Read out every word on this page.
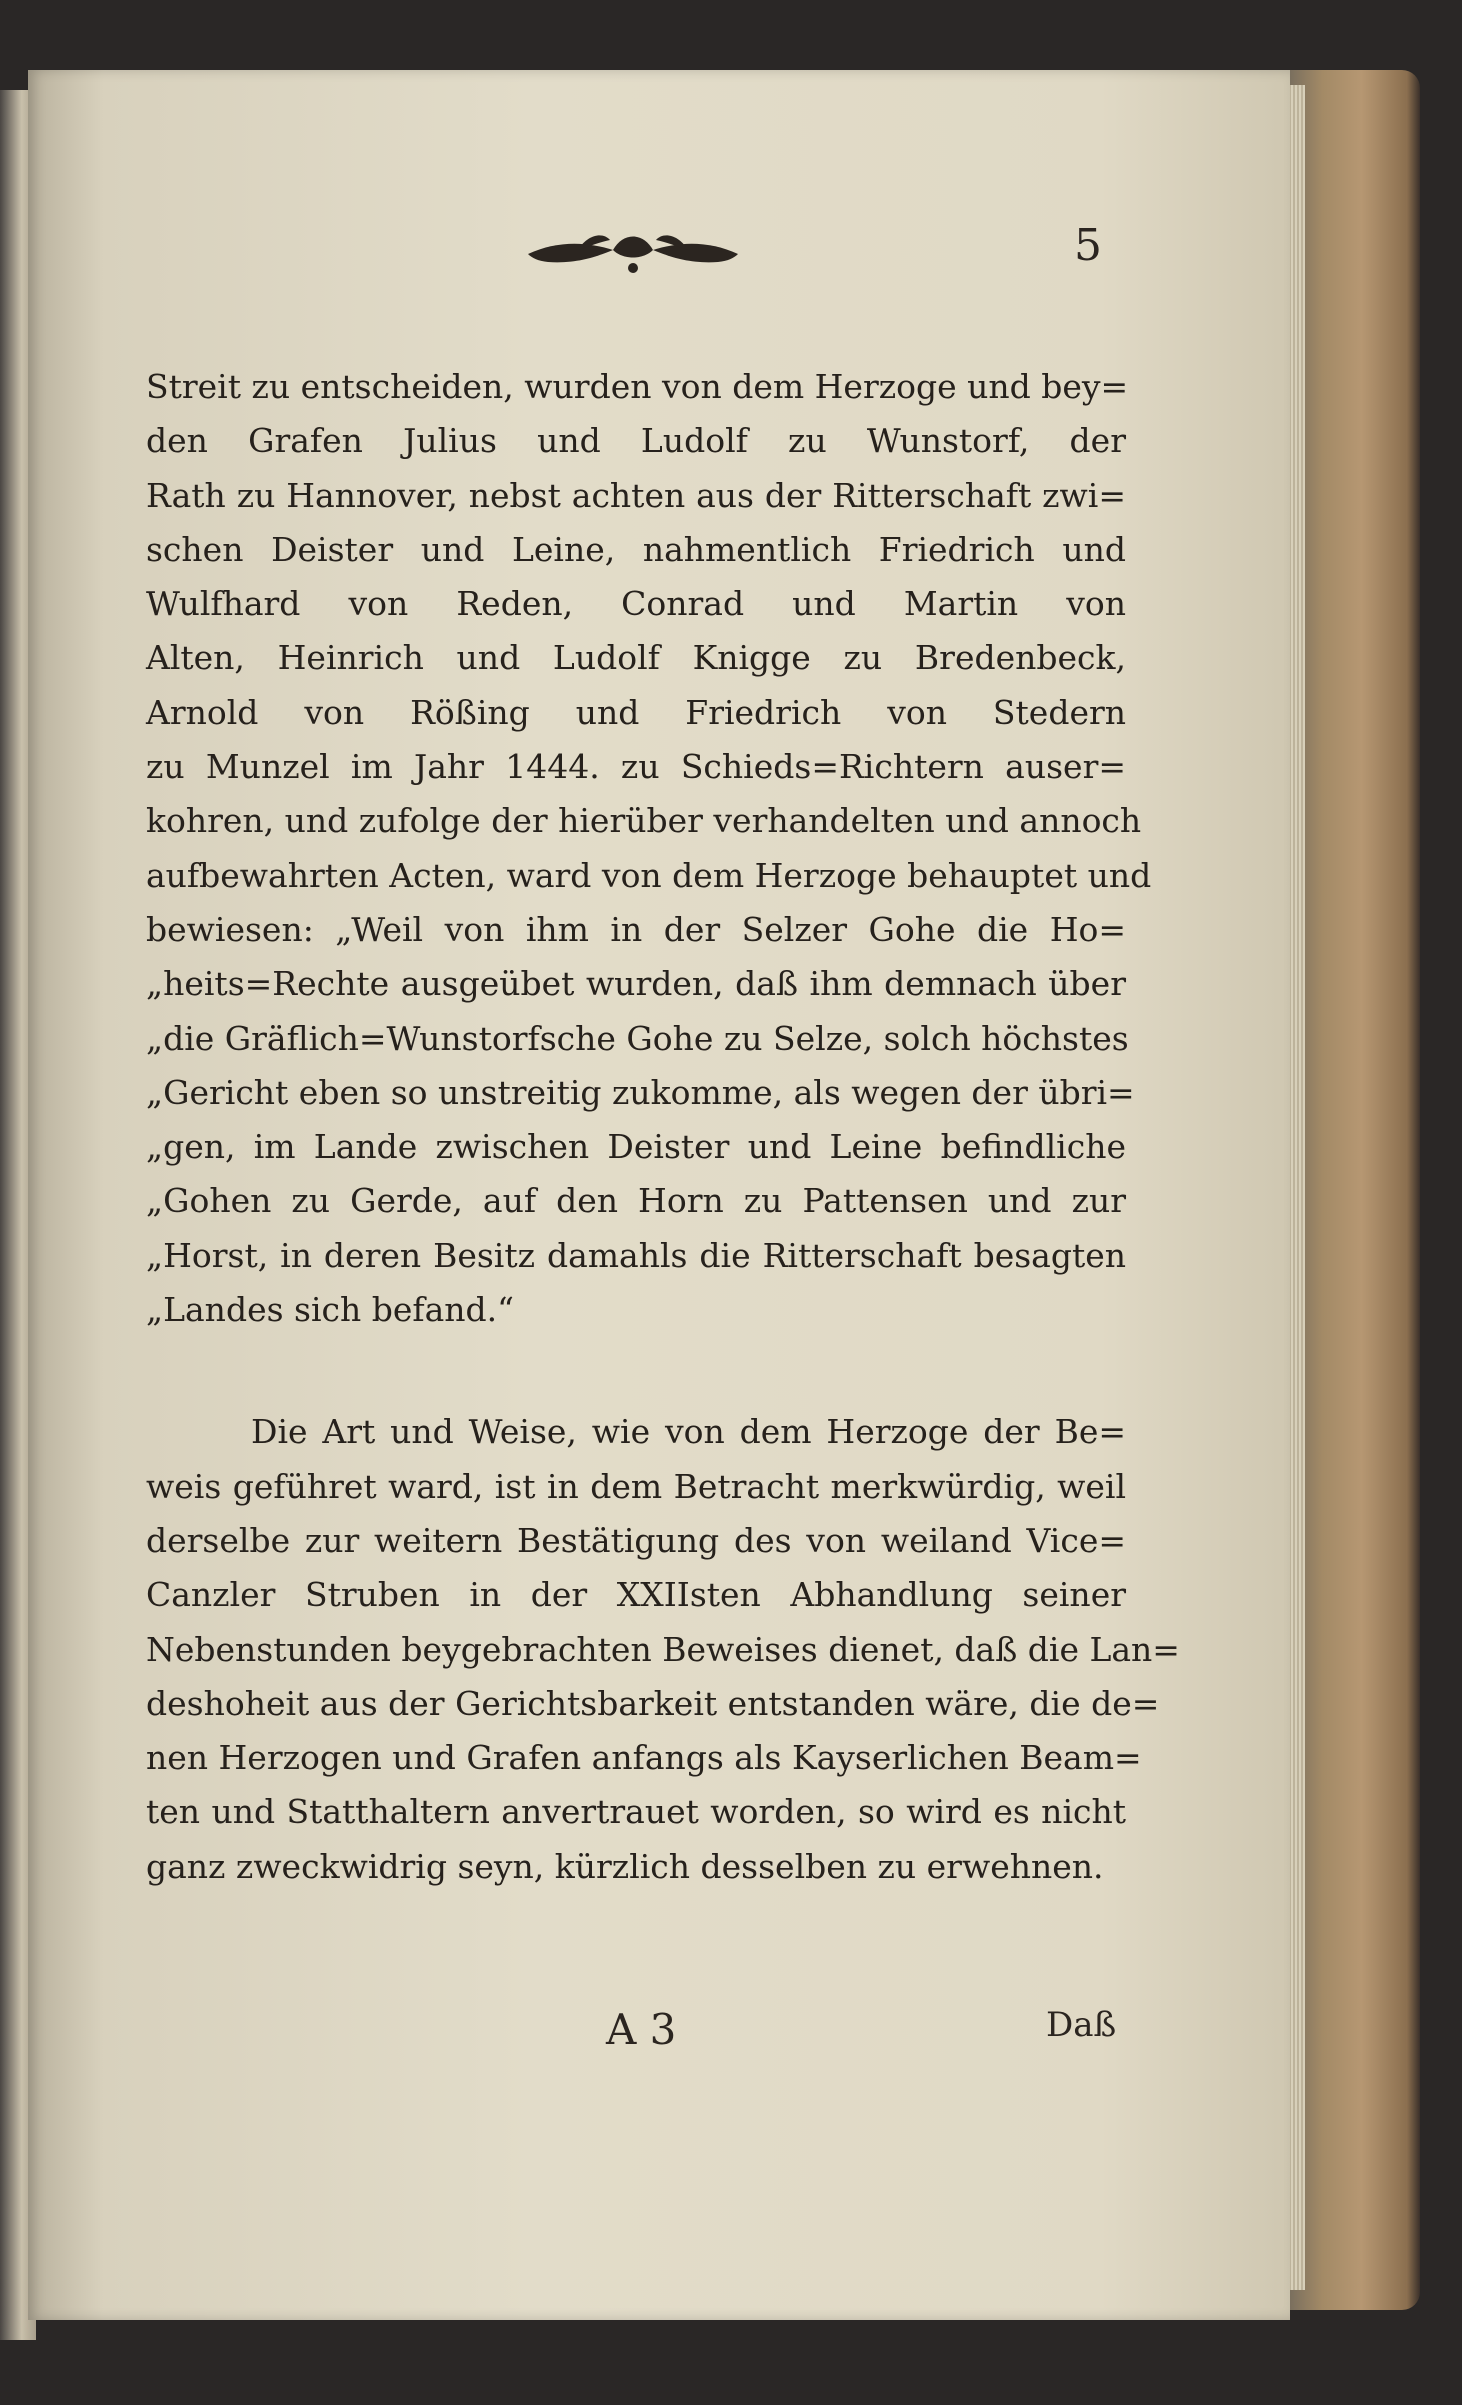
5
Streit zu entscheiden, wurden von dem Herzoge und bey=
den Grafen Julius und Ludolf zu Wunstorf, der
Rath zu Hannover, nebst achten aus der Ritterschaft zwi=
schen Deister und Leine, nahmentlich Friedrich und
Wulfhard von Reden, Conrad und Martin von
Alten, Heinrich und Ludolf Knigge zu Bredenbeck,
Arnold von Rößing und Friedrich von Stedern
zu Munzel im Jahr 1444. zu Schieds=Richtern auser=
kohren, und zufolge der hierüber verhandelten und annoch
aufbewahrten Acten, ward von dem Herzoge behauptet und
bewiesen: „Weil von ihm in der Selzer Gohe die Ho=
„heits=Rechte ausgeübet wurden, daß ihm demnach über
„die Gräflich=Wunstorfsche Gohe zu Selze, solch höchstes
„Gericht eben so unstreitig zukomme, als wegen der übri=
„gen, im Lande zwischen Deister und Leine befindliche
„Gohen zu Gerde, auf den Horn zu Pattensen und zur
„Horst, in deren Besitz damahls die Ritterschaft besagten
„Landes sich befand.“
Die Art und Weise, wie von dem Herzoge der Be=
weis geführet ward, ist in dem Betracht merkwürdig, weil
derselbe zur weitern Bestätigung des von weiland Vice=
Canzler Struben in der XXIIsten Abhandlung seiner
Nebenstunden beygebrachten Beweises dienet, daß die Lan=
deshoheit aus der Gerichtsbarkeit entstanden wäre, die de=
nen Herzogen und Grafen anfangs als Kayserlichen Beam=
ten und Statthaltern anvertrauet worden, so wird es nicht
ganz zweckwidrig seyn, kürzlich desselben zu erwehnen.
A 3	Daß
